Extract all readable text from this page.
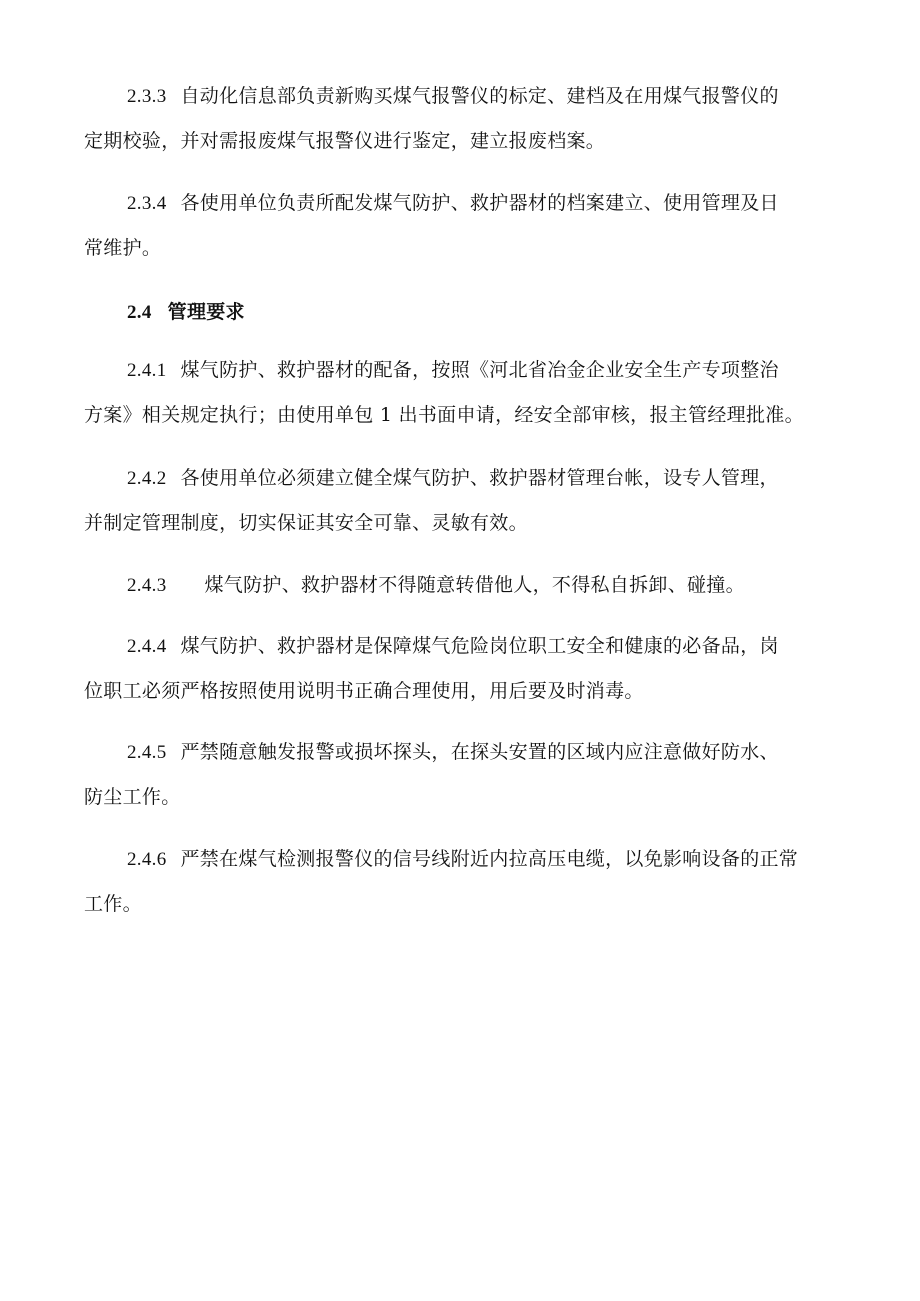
2.3.3 自动化信息部负责新购买煤气报警仪的标定、建档及在用煤气报警仪的
定期校验，并对需报废煤气报警仪进行鉴定，建立报废档案。
2.3.4 各使用单位负责所配发煤气防护、救护器材的档案建立、使用管理及日
常维护。
2.4 管理要求
2.4.1 煤气防护、救护器材的配备，按照《河北省冶金企业安全生产专项整治
方案》相关规定执行；由使用单包 1 出书面申请，经安全部审核，报主管经理批准。
2.4.2 各使用单位必须建立健全煤气防护、救护器材管理台帐，设专人管理，
并制定管理制度，切实保证其安全可靠、灵敏有效。
2.4.3 煤气防护、救护器材不得随意转借他人，不得私自拆卸、碰撞。
2.4.4 煤气防护、救护器材是保障煤气危险岗位职工安全和健康的必备品，岗
位职工必须严格按照使用说明书正确合理使用，用后要及时消毒。
2.4.5 严禁随意触发报警或损坏探头，在探头安置的区域内应注意做好防水、
防尘工作。
2.4.6 严禁在煤气检测报警仪的信号线附近内拉高压电缆，以免影响设备的正常
工作。
